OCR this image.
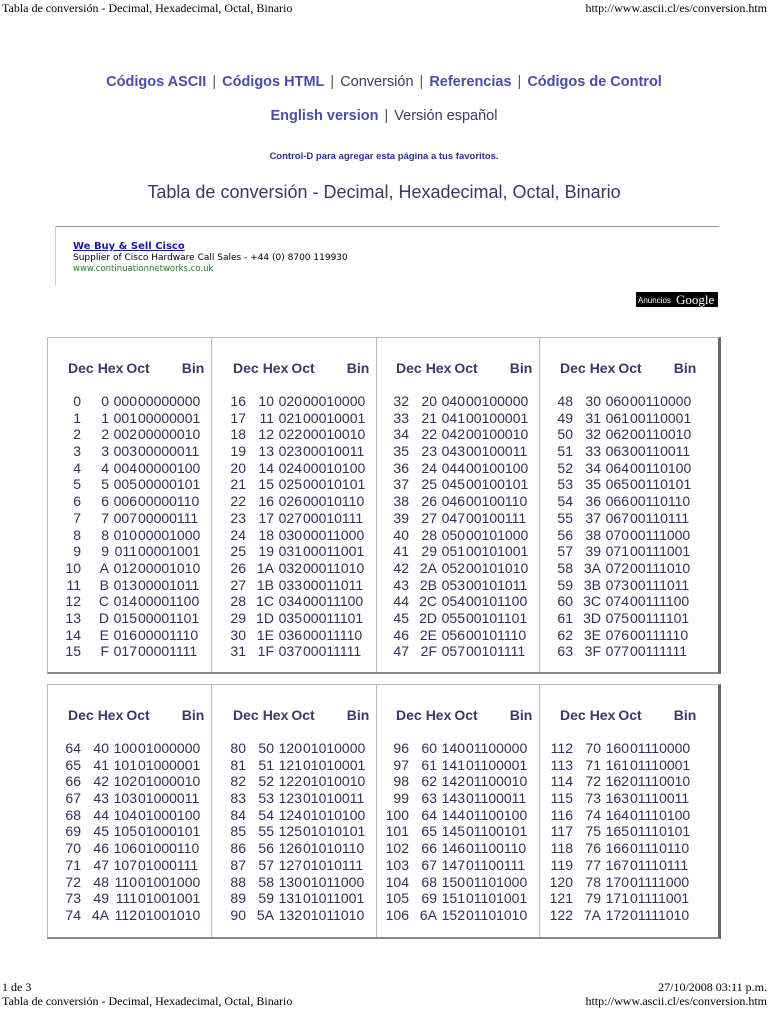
Tabla de conversión - Decimal, Hexadecimal, Octal, Binario	http://www.ascii.cl/es/conversion.htm
Códigos ASCII | Códigos HTML | Conversión | Referencias | Códigos de Control
English version | Versión español
Control-D para agregar esta página a tus favoritos.
Tabla de conversión - Decimal, Hexadecimal, Octal, Binario
We Buy & Sell Cisco
Supplier of Cisco Hardware Call Sales - +44 (0) 8700 119930
www.continuationnetworks.co.uk
Anuncios Google
Dec Hex Oct Bin
0 0 00000000000
1 1 00100000001
2 2 00200000010
3 3 00300000011
4 4 00400000100
5 5 00500000101
6 6 00600000110
7 7 00700000111
8 8 01000001000
9 9 01100001001
10 A 01200001010
11 B 01300001011
12 C 01400001100
13 D 01500001101
14 E 01600001110
15 F 01700001111
Dec Hex Oct Bin
16 10 02000010000
17 11 02100010001
18 12 02200010010
19 13 02300010011
20 14 02400010100
21 15 02500010101
22 16 02600010110
23 17 02700010111
24 18 03000011000
25 19 03100011001
26 1A 03200011010
27 1B 03300011011
28 1C 03400011100
29 1D 03500011101
30 1E 03600011110
31 1F 03700011111
Dec Hex Oct Bin
32 20 04000100000
33 21 04100100001
34 22 04200100010
35 23 04300100011
36 24 04400100100
37 25 04500100101
38 26 04600100110
39 27 04700100111
40 28 05000101000
41 29 05100101001
42 2A 05200101010
43 2B 05300101011
44 2C 05400101100
45 2D 05500101101
46 2E 05600101110
47 2F 05700101111
Dec Hex Oct Bin
48 30 06000110000
49 31 06100110001
50 32 06200110010
51 33 06300110011
52 34 06400110100
53 35 06500110101
54 36 06600110110
55 37 06700110111
56 38 07000111000
57 39 07100111001
58 3A 07200111010
59 3B 07300111011
60 3C 07400111100
61 3D 07500111101
62 3E 07600111110
63 3F 07700111111
Dec Hex Oct Bin
64 40 10001000000
65 41 10101000001
66 42 10201000010
67 43 10301000011
68 44 10401000100
69 45 10501000101
70 46 10601000110
71 47 10701000111
72 48 11001001000
73 49 11101001001
74 4A 11201001010
Dec Hex Oct Bin
80 50 12001010000
81 51 12101010001
82 52 12201010010
83 53 12301010011
84 54 12401010100
85 55 12501010101
86 56 12601010110
87 57 12701010111
88 58 13001011000
89 59 13101011001
90 5A 13201011010
Dec Hex Oct Bin
96 60 14001100000
97 61 14101100001
98 62 14201100010
99 63 14301100011
100 64 14401100100
101 65 14501100101
102 66 14601100110
103 67 14701100111
104 68 15001101000
105 69 15101101001
106 6A 15201101010
Dec Hex Oct Bin
112 70 16001110000
113 71 16101110001
114 72 16201110010
115 73 16301110011
116 74 16401110100
117 75 16501110101
118 76 16601110110
119 77 16701110111
120 78 17001111000
121 79 17101111001
122 7A 17201111010
1 de 3	27/10/2008 03:11 p.m.
Tabla de conversión - Decimal, Hexadecimal, Octal, Binario	http://www.ascii.cl/es/conversion.htm
